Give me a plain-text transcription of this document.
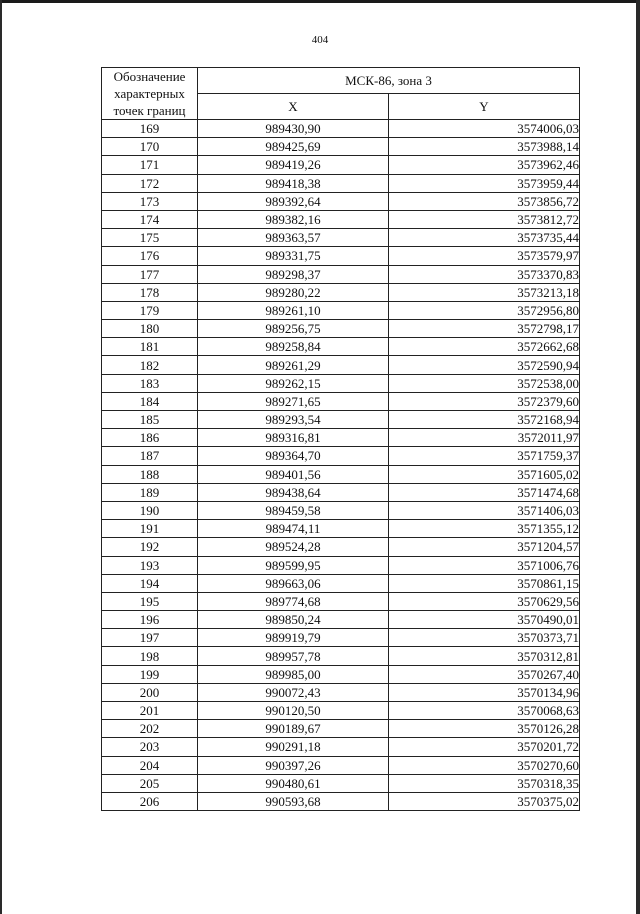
404
Обозначение
характерных
точек границ	МСК-86, зона 3	
	X	Y
169	989430,90	3574006,03
170	989425,69	3573988,14
171	989419,26	3573962,46
172	989418,38	3573959,44
173	989392,64	3573856,72
174	989382,16	3573812,72
175	989363,57	3573735,44
176	989331,75	3573579,97
177	989298,37	3573370,83
178	989280,22	3573213,18
179	989261,10	3572956,80
180	989256,75	3572798,17
181	989258,84	3572662,68
182	989261,29	3572590,94
183	989262,15	3572538,00
184	989271,65	3572379,60
185	989293,54	3572168,94
186	989316,81	3572011,97
187	989364,70	3571759,37
188	989401,56	3571605,02
189	989438,64	3571474,68
190	989459,58	3571406,03
191	989474,11	3571355,12
192	989524,28	3571204,57
193	989599,95	3571006,76
194	989663,06	3570861,15
195	989774,68	3570629,56
196	989850,24	3570490,01
197	989919,79	3570373,71
198	989957,78	3570312,81
199	989985,00	3570267,40
200	990072,43	3570134,96
201	990120,50	3570068,63
202	990189,67	3570126,28
203	990291,18	3570201,72
204	990397,26	3570270,60
205	990480,61	3570318,35
206	990593,68	3570375,02
